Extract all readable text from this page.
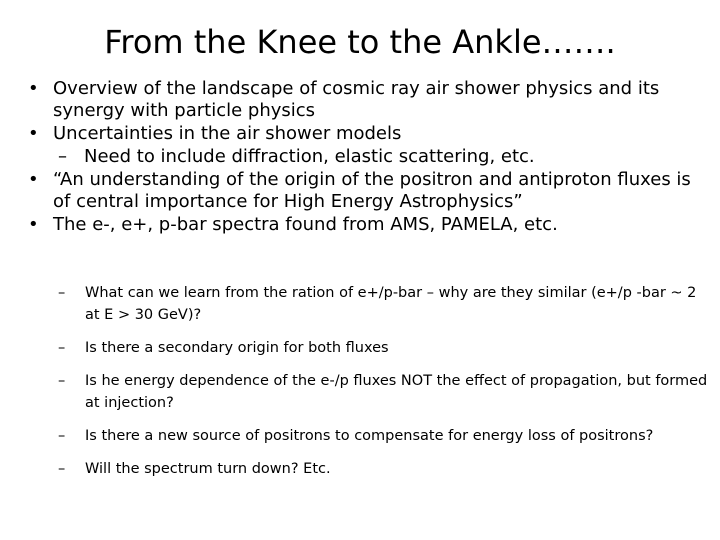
From the Knee to the Ankle…….
• Overview of the landscape of cosmic ray air shower physics and its synergy with particle physics
• Uncertainties in the air shower models
– Need to include diffraction, elastic scattering, etc.
• “An understanding of the origin of the positron and antiproton fluxes is of central importance for High Energy Astrophysics”
• The e-, e+, p-bar spectra found from AMS, PAMELA, etc.
– What can we learn from the ration of e+/p-bar – why are they similar (e+/p -bar ~ 2 at E > 30 GeV)?
– Is there a secondary origin for both fluxes
– Is he energy dependence of the e-/p fluxes NOT the effect of propagation, but formed at injection?
– Is there a new source of positrons to compensate for energy loss of positrons?
– Will the spectrum turn down? Etc.
